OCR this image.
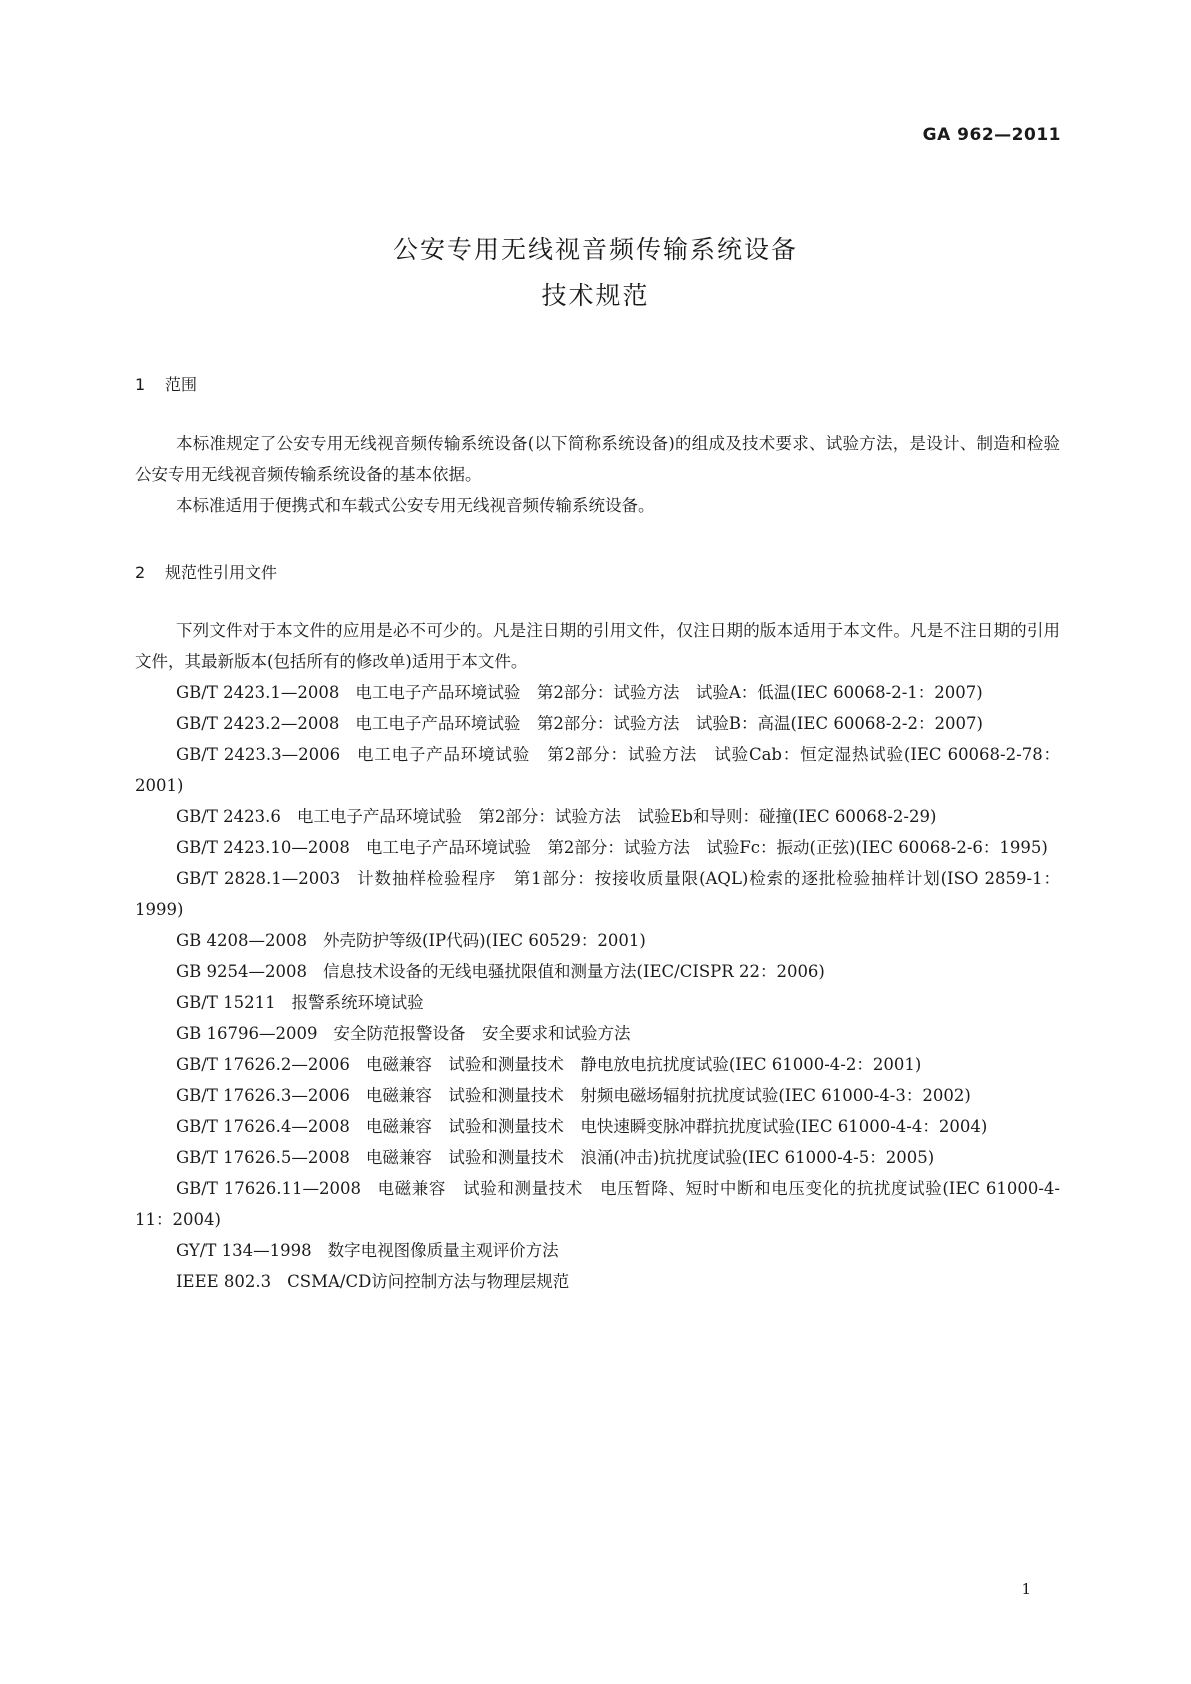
GA 962—2011
公安专用无线视音频传输系统设备
技术规范
1 范围

本标准规定了公安专用无线视音频传输系统设备(以下简称系统设备)的组成及技术要求、试验方法，是设计、制造和检验公安专用无线视音频传输系统设备的基本依据。

本标准适用于便携式和车载式公安专用无线视音频传输系统设备。

2 规范性引用文件

下列文件对于本文件的应用是必不可少的。凡是注日期的引用文件，仅注日期的版本适用于本文件。凡是不注日期的引用文件，其最新版本(包括所有的修改单)适用于本文件。

GB/T 2423.1—2008 电工电子产品环境试验　第2部分：试验方法　试验A：低温(IEC 60068-2-1：2007)

GB/T 2423.2—2008 电工电子产品环境试验　第2部分：试验方法　试验B：高温(IEC 60068-2-2：2007)

GB/T 2423.3—2006 电工电子产品环境试验　第2部分：试验方法　试验Cab：恒定湿热试验(IEC 60068-2-78：2001)

GB/T 2423.6 电工电子产品环境试验　第2部分：试验方法　试验Eb和导则：碰撞(IEC 60068-2-29)

GB/T 2423.10—2008 电工电子产品环境试验　第2部分：试验方法　试验Fc：振动(正弦)(IEC 60068-2-6：1995)

GB/T 2828.1—2003 计数抽样检验程序　第1部分：按接收质量限(AQL)检索的逐批检验抽样计划(ISO 2859-1：1999)

GB 4208—2008 外壳防护等级(IP代码)(IEC 60529：2001)

GB 9254—2008 信息技术设备的无线电骚扰限值和测量方法(IEC/CISPR 22：2006)

GB/T 15211 报警系统环境试验

GB 16796—2009 安全防范报警设备　安全要求和试验方法

GB/T 17626.2—2006 电磁兼容　试验和测量技术　静电放电抗扰度试验(IEC 61000-4-2：2001)

GB/T 17626.3—2006 电磁兼容　试验和测量技术　射频电磁场辐射抗扰度试验(IEC 61000-4-3：2002)

GB/T 17626.4—2008 电磁兼容　试验和测量技术　电快速瞬变脉冲群抗扰度试验(IEC 61000-4-4：2004)

GB/T 17626.5—2008 电磁兼容　试验和测量技术　浪涌(冲击)抗扰度试验(IEC 61000-4-5：2005)

GB/T 17626.11—2008 电磁兼容　试验和测量技术　电压暂降、短时中断和电压变化的抗扰度试验(IEC 61000-4-11：2004)

GY/T 134—1998 数字电视图像质量主观评价方法

IEEE 802.3 CSMA/CD访问控制方法与物理层规范

1
